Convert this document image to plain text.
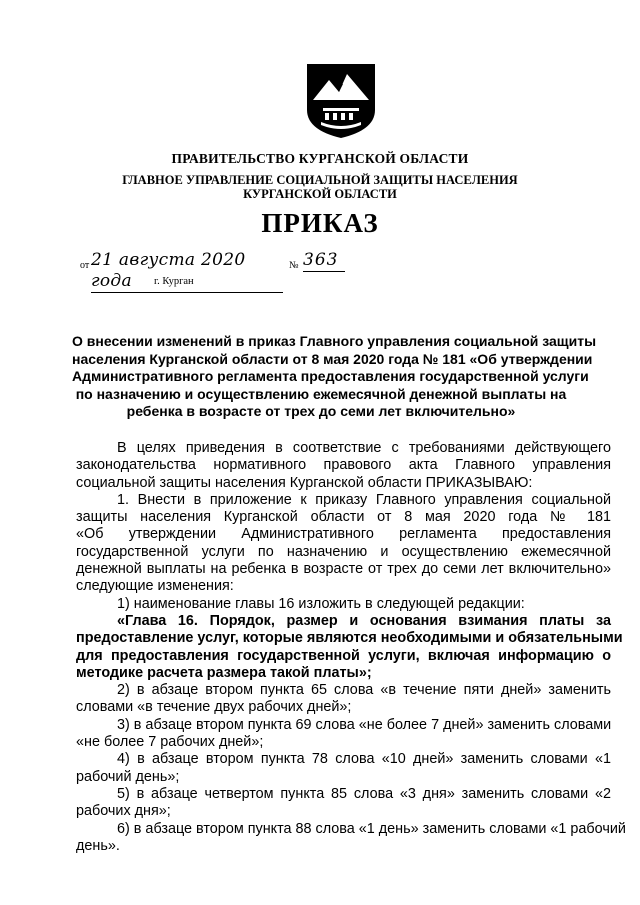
ПРАВИТЕЛЬСТВО КУРГАНСКОЙ ОБЛАСТИ
ГЛАВНОЕ УПРАВЛЕНИЕ СОЦИАЛЬНОЙ ЗАЩИТЫ НАСЕЛЕНИЯ
КУРГАНСКОЙ ОБЛАСТИ
ПРИКАЗ
от 21 августа 2020 года
№ 363
г. Курган

О внесении изменений в приказ Главного управления социальной защиты

населения Курганской области от 8 мая 2020 года № 181 «Об утверждении

Административного регламента предоставления государственной услуги

по назначению и осуществлению ежемесячной денежной выплаты на

ребенка в возрасте от трех до семи лет включительно»

В целях приведения в соответствие с требованиями действующего

законодательства нормативного правового акта Главного управления

социальной защиты населения Курганской области ПРИКАЗЫВАЮ:

1. Внести в приложение к приказу Главного управления социальной

защиты населения Курганской области от 8 мая 2020 года № 181

«Об утверждении Административного регламента предоставления

государственной услуги по назначению и осуществлению ежемесячной

денежной выплаты на ребенка в возрасте от трех до семи лет включительно»

следующие изменения:

1) наименование главы 16 изложить в следующей редакции:

«Глава 16. Порядок, размер и основания взимания платы за

предоставление услуг, которые являются необходимыми и обязательными

для предоставления государственной услуги, включая информацию о

методике расчета размера такой платы»;

2) в абзаце втором пункта 65 слова «в течение пяти дней» заменить

словами «в течение двух рабочих дней»;

3) в абзаце втором пункта 69 слова «не более 7 дней» заменить словами

«не более 7 рабочих дней»;

4) в абзаце втором пункта 78 слова «10 дней» заменить словами «1

рабочий день»;

5) в абзаце четвертом пункта 85 слова «3 дня» заменить словами «2

рабочих дня»;

6) в абзаце втором пункта 88 слова «1 день» заменить словами «1 рабочий

день».
